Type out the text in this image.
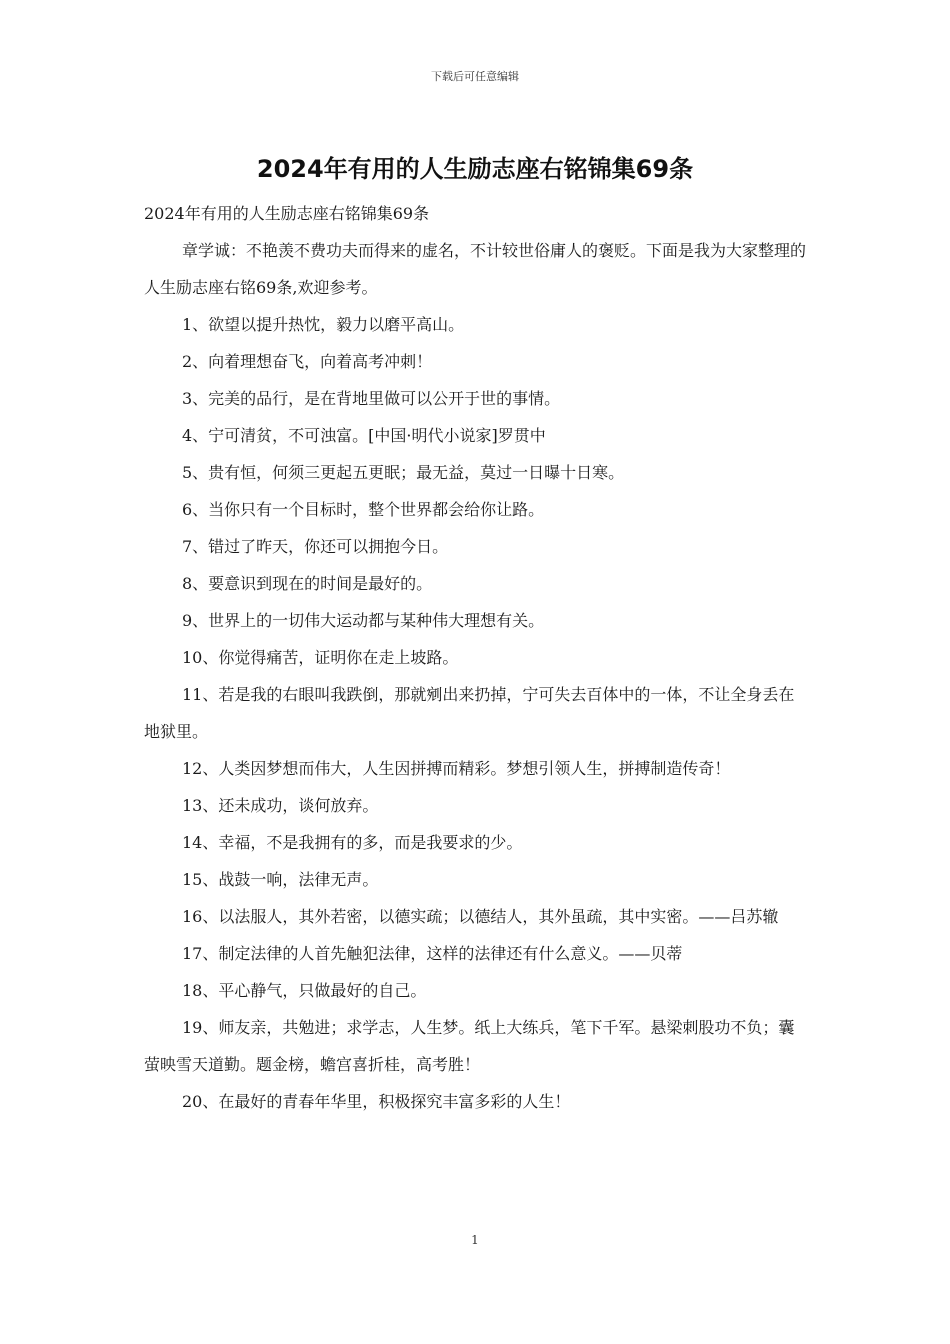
下载后可任意编辑
2024年有用的人生励志座右铭锦集69条

2024年有用的人生励志座右铭锦集69条

章学诚：不艳羡不费功夫而得来的虚名，不计较世俗庸人的褒贬。下面是我为大家整理的人生励志座右铭69条,欢迎参考。

1、欲望以提升热忱，毅力以磨平高山。

2、向着理想奋飞，向着高考冲刺！

3、完美的品行，是在背地里做可以公开于世的事情。

4、宁可清贫，不可浊富。[中国·明代小说家]罗贯中

5、贵有恒，何须三更起五更眠；最无益，莫过一日曝十日寒。

6、当你只有一个目标时，整个世界都会给你让路。

7、错过了昨天，你还可以拥抱今日。

8、要意识到现在的时间是最好的。

9、世界上的一切伟大运动都与某种伟大理想有关。

10、你觉得痛苦，证明你在走上坡路。

11、若是我的右眼叫我跌倒，那就剜出来扔掉，宁可失去百体中的一体，不让全身丢在地狱里。

12、人类因梦想而伟大，人生因拼搏而精彩。梦想引领人生，拼搏制造传奇！

13、还未成功，谈何放弃。

14、幸福，不是我拥有的多，而是我要求的少。

15、战鼓一响，法律无声。

16、以法服人，其外若密，以德实疏；以德结人，其外虽疏，其中实密。——吕苏辙

17、制定法律的人首先触犯法律，这样的法律还有什么意义。——贝蒂

18、平心静气，只做最好的自己。

19、师友亲，共勉进；求学志，人生梦。纸上大练兵，笔下千军。悬梁刺股功不负；囊萤映雪天道勤。题金榜，蟾宫喜折桂，高考胜！

20、在最好的青春年华里，积极探究丰富多彩的人生！

1
